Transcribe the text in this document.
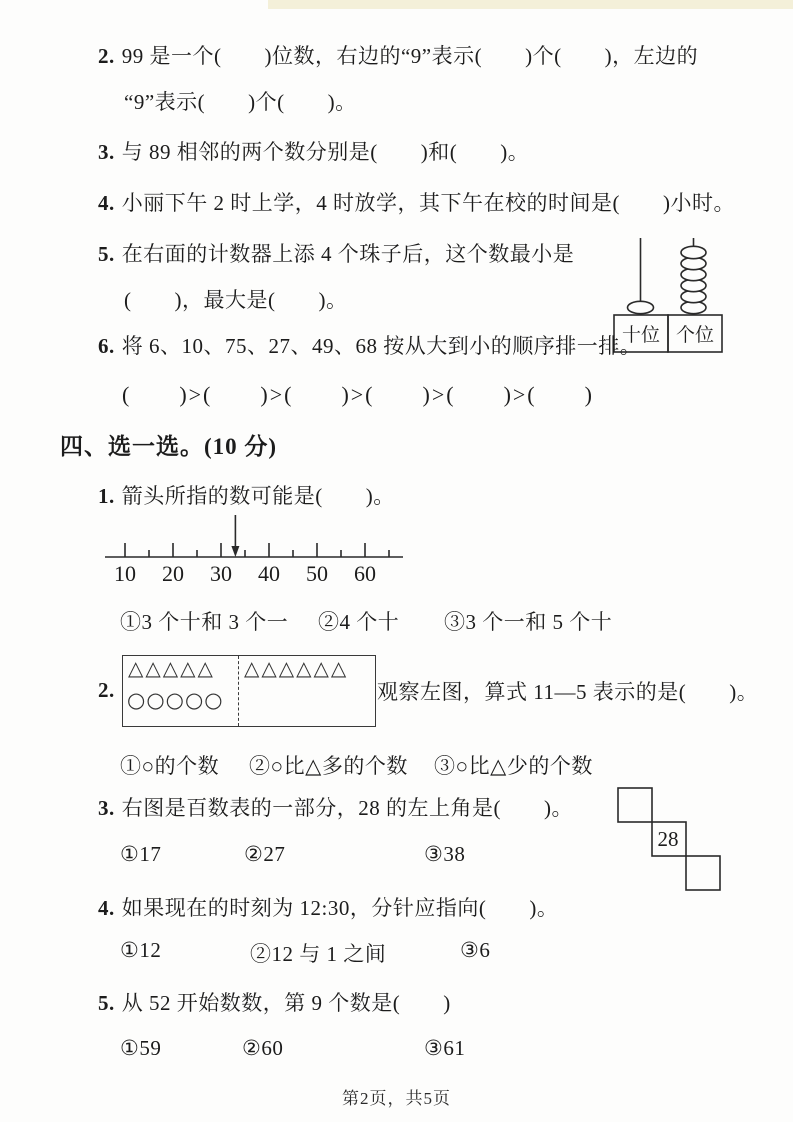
2. 99 是一个(　　)位数，右边的“9”表示(　　)个(　　)，左边的
“9”表示(　　)个(　　)。
3. 与 89 相邻的两个数分别是(　　)和(　　)。
4. 小丽下午 2 时上学，4 时放学，其下午在校的时间是(　　)小时。
5. 在右面的计数器上添 4 个珠子后，这个数最小是
(　　)，最大是(　　)。
十位 个位
6. 将 6、10、75、27、49、68 按从大到小的顺序排一排。
(　　)>(　　)>(　　)>(　　)>(　　)>(　　)
四、选一选。(10 分)
1. 箭头所指的数可能是(　　)。
10 20 30 40 50 60
①3 个十和 3 个一 ②4 个十 ③3 个一和 5 个十
2.
△△△△△ △△△△△△
○○○○○	观察左图，算式 11—5 表示的是(　　)。
①○的个数 ②○比△多的个数 ③○比△少的个数
3. 右图是百数表的一部分，28 的左上角是(　　)。
28
①17	②27	③38
4. 如果现在的时刻为 12:30，分针应指向(　　)。
①12	②12 与 1 之间	③6
5. 从 52 开始数数，第 9 个数是(　　)
①59	②60	③61
第2页，共5页
